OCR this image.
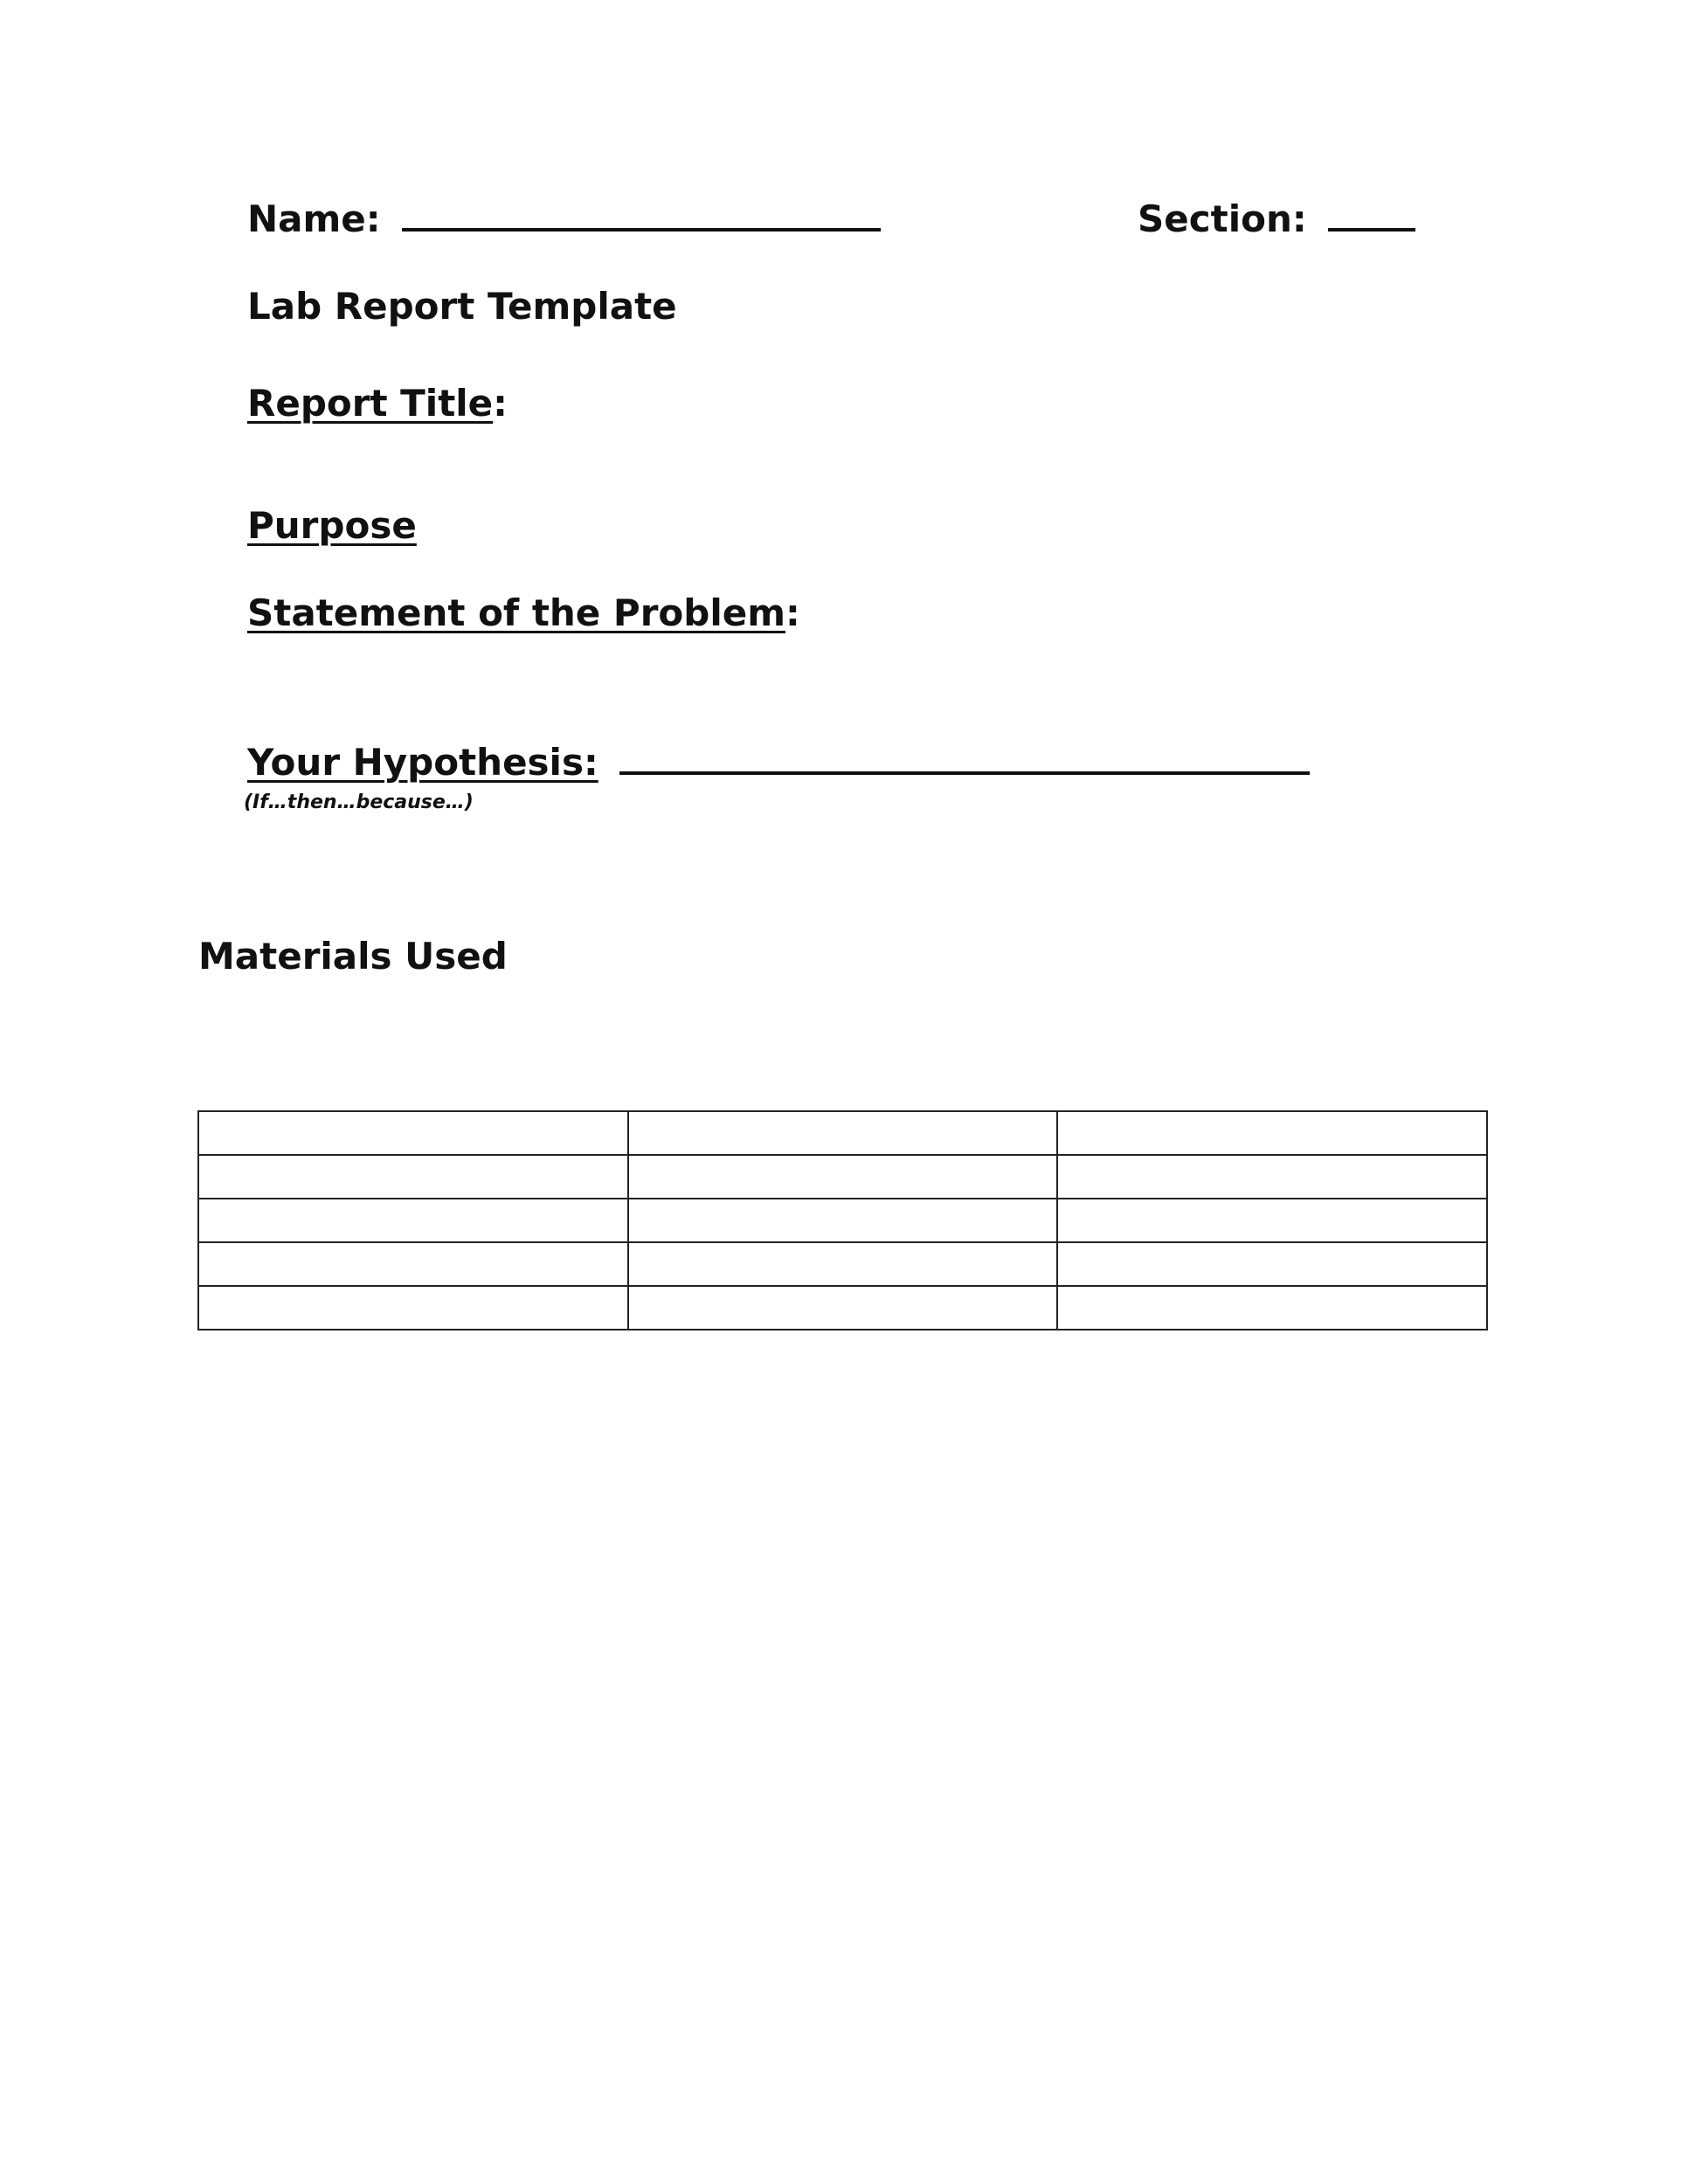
Name:	Section:
Lab Report Template
Report Title:
Purpose
Statement of the Problem:
Your Hypothesis:
(If…then…because…)
Materials Used
